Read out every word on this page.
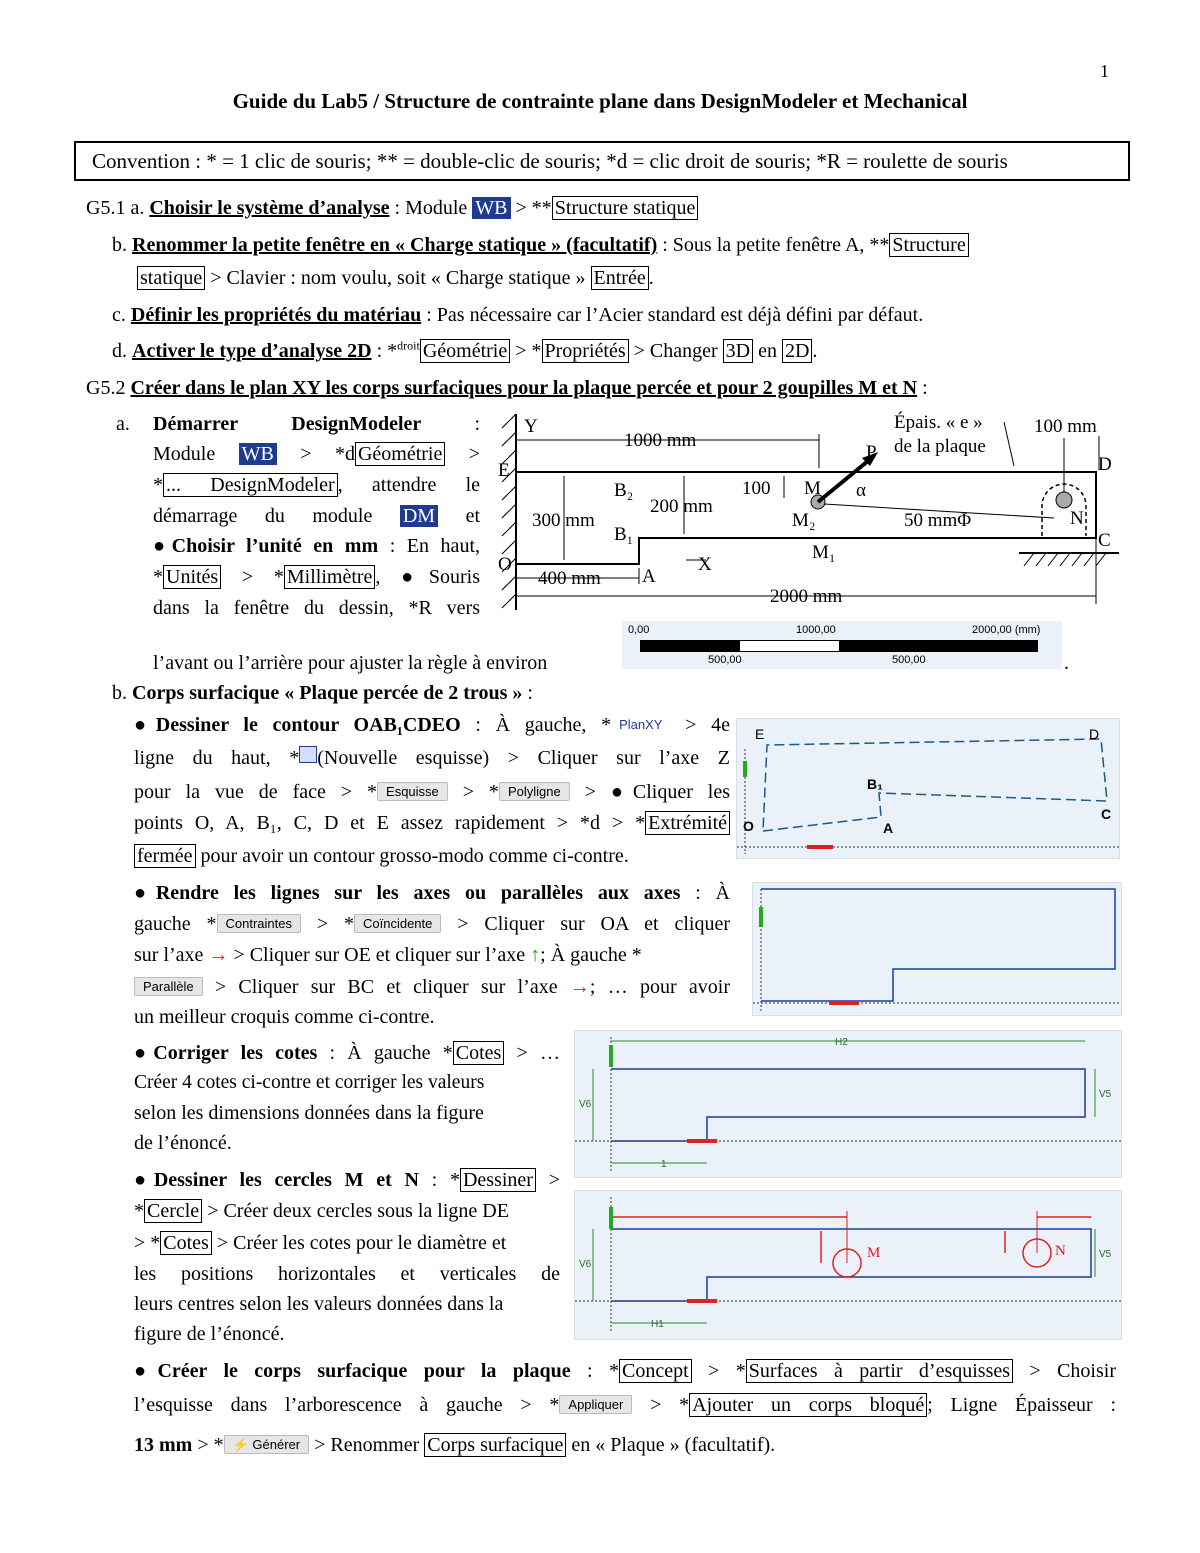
1
Guide du Lab5 / Structure de contrainte plane dans DesignModeler et Mechanical
Convention : * = 1 clic de souris; ** = double-clic de souris; *d = clic droit de souris; *R = roulette de souris
G5.1 a. Choisir le système d’analyse : Module WB > ** Structure statique
b. Renommer la petite fenêtre en « Charge statique » (facultatif) : Sous la petite fenêtre A, ** Structure
statique > Clavier : nom voulu, soit « Charge statique » Entrée .
c. Définir les propriétés du matériau : Pas nécessaire car l’Acier standard est déjà défini par défaut.
d. Activer le type d’analyse 2D : *$^{droit}$ Géométrie > * Propriétés > Changer 3D en 2D .
G5.2 Créer dans le plan XY les corps surfaciques pour la plaque percée et pour 2 goupilles M et N :
a. Démarrer	DesignModeler :
Module WB > *d Géométrie >
* ... DesignModeler , attendre le
démarrage du module DM et
●Choisir l’unité en mm : En haut,
* Unités > * Millimètre , ●Souris
dans la fenêtre du dessin, *R vers
l’avant ou l’arrière pour ajuster la règle à environ	.
Y
E
O
A
B₂
B₁
M
M₂
M₁
P
α
N
C
D
X
1000 mm
100 mm
Épais. « e »
de la plaque
100
200 mm
300 mm	50 mmΦ
400 mm
2000 mm
0,00	1000,00	2000,00 (mm)
500,00	500,00
b. Corps surfacique « Plaque percée de 2 trous » :
●Dessiner le contour OAB₁CDEO : À gauche, * PlanXY > 4e
ligne du haut, * (Nouvelle esquisse) > Cliquer sur l’axe Z
pour la vue de face > * Esquisse > * Polyligne > ●Cliquer les
points O, A, B₁, C, D et E assez rapidement > *d > * Extrémité
fermée pour avoir un contour grosso-modo comme ci-contre.
E	D
B₁
C
O	A
●Rendre les lignes sur les axes ou parallèles aux axes : À
gauche * Contraintes > * Coïncidente > Cliquer sur OA et cliquer
sur l’axe → > Cliquer sur OE et cliquer sur l’axe ↑; À gauche *
Parallèle > Cliquer sur BC et cliquer sur l’axe →; … pour avoir
un meilleur croquis comme ci-contre.
●Corriger les cotes : À gauche * Cotes > …
Créer 4 cotes ci-contre et corriger les valeurs
selon les dimensions données dans la figure
de l’énoncé.
H2
V5
V6
1
●Dessiner les cercles M et N : * Dessiner >
* Cercle > Créer deux cercles sous la ligne DE
> * Cotes > Créer les cotes pour le diamètre et
les positions horizontales et verticales de
leurs centres selon les valeurs données dans la
figure de l’énoncé.
M	N
V6
H1
V5
●Créer le corps surfacique pour la plaque : * Concept > * Surfaces à partir d’esquisses > Choisir
l’esquisse dans l’arborescence à gauche > * Appliquer > * Ajouter un corps bloqué ; Ligne Épaisseur :
13 mm > * ⚡ Générer > Renommer Corps surfacique en « Plaque » (facultatif).
